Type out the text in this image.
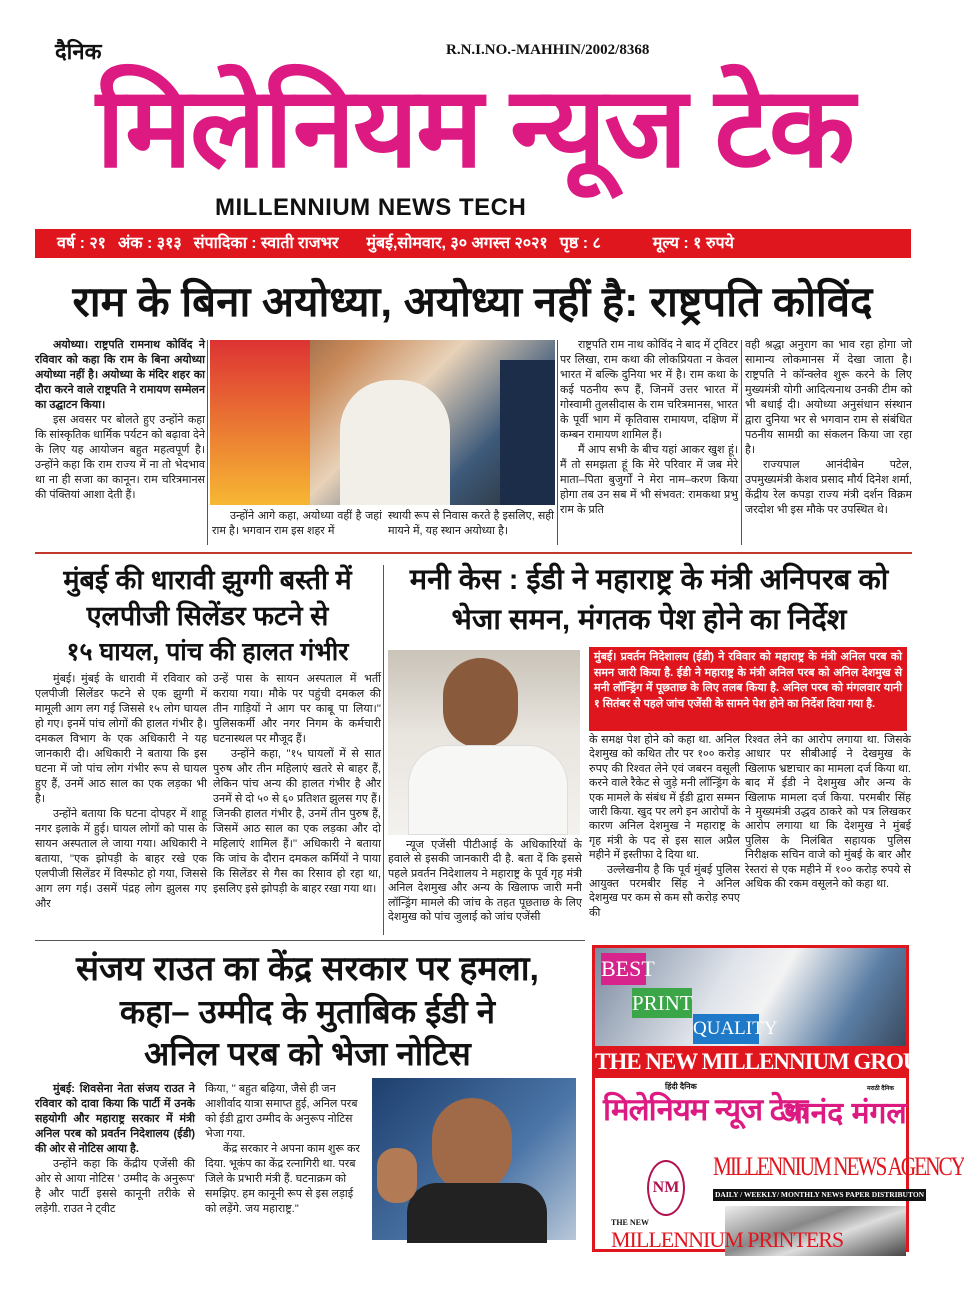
दैनिक	R.N.I.NO.-MAHHIN/2002/8368
मिलेनियम न्यूज टेक
MILLENNIUM NEWS TECH
वर्ष : २१ अंक : ३१३ संपादिका : स्वाती राजभर मुंबई,सोमवार, ३० अगस्त्त २०२१ पृष्ठ : ८	मूल्य : १ रुपये
राम के बिना अयोध्या, अयोध्या नहीं है: राष्ट्रपति कोविंद

अयोध्या। राष्ट्रपति रामनाथ कोविंद ने रविवार को कहा कि राम के बिना अयोध्या अयोध्या नहीं है। अयोध्या के मंदिर शहर का दौरा करने वाले राष्ट्रपति ने रामायण सम्मेलन का उद्घाटन किया।

इस अवसर पर बोलते हुए उन्होंने कहा कि सांस्कृतिक धार्मिक पर्यटन को बढ़ावा देने के लिए यह आयोजन बहुत महत्वपूर्ण है। उन्होंने कहा कि राम राज्य में ना तो भेदभाव था ना ही सजा का कानून। राम चरित्रमानस की पंक्तियां आशा देती हैं।

उन्होंने आगे कहा, अयोध्या वहीं है जहां राम है। भगवान राम इस शहर में

स्थायी रूप से निवास करते है इसलिए, सही मायने में, यह स्थान अयोध्या है।

राष्ट्रपति राम नाथ कोविंद ने बाद में ट्विटर पर लिखा, राम कथा की लोकप्रियता न केवल भारत में बल्कि दुनिया भर में है। राम कथा के कई पठनीय रूप हैं, जिनमें उत्तर भारत में गोस्वामी तुलसीदास के राम चरित्रमानस, भारत के पूर्वी भाग में कृतिवास रामायण, दक्षिण में कम्बन रामायण शामिल हैं।

मैं आप सभी के बीच यहां आकर खुश हूं। मैं तो समझता हूं कि मेरे परिवार में जब मेरे माता–पिता बुजुर्गों ने मेरा नाम–करण किया होगा तब उन सब में भी संभवत: रामकथा प्रभु राम के प्रति

वही श्रद्धा अनुराग का भाव रहा होगा जो सामान्य लोकमानस में देखा जाता है। राष्ट्रपति ने कॉन्क्लेव शुरू करने के लिए मुख्यमंत्री योगी आदित्यनाथ उनकी टीम को भी बधाई दी। अयोध्या अनुसंधान संस्थान द्वारा दुनिया भर से भगवान राम से संबंधित पठनीय सामग्री का संकलन किया जा रहा है।

राज्यपाल आनंदीबेन पटेल, उपमुख्यमंत्री केशव प्रसाद मौर्य दिनेश शर्मा, केंद्रीय रेल कपड़ा राज्य मंत्री दर्शन विक्रम जरदोश भी इस मौके पर उपस्थित थे।

मुंबई की धारावी झुग्गी बस्ती में
एलपीजी सिलेंडर फटने से
१५ घायल, पांच की हालत गंभीर

मुंबई। मुंबई के धारावी में रविवार को एलपीजी सिलेंडर फटने से एक झुग्गी में मामूली आग लग गई जिससे १५ लोग घायल हो गए। इनमें पांच लोगों की हालत गंभीर है। दमकल विभाग के एक अधिकारी ने यह जानकारी दी। अधिकारी ने बताया कि इस घटना में जो पांच लोग गंभीर रूप से घायल हुए हैं, उनमें आठ साल का एक लड़का भी है।

उन्होंने बताया कि घटना दोपहर में शाहू नगर इलाके में हुई। घायल लोगों को पास के सायन अस्पताल ले जाया गया। अधिकारी ने बताया, ''एक झोपड़ी के बाहर रखे एक एलपीजी सिलेंडर में विस्फोट हो गया, जिससे आग लग गई। उसमें पंद्रह लोग झुलस गए और

उन्हें पास के सायन अस्पताल में भर्ती कराया गया। मौके पर पहुंची दमकल की तीन गाड़ियों ने आग पर काबू पा लिया।'' पुलिसकर्मी और नगर निगम के कर्मचारी घटनास्थल पर मौजूद हैं।

उन्होंने कहा, ''१५ घायलों में से सात पुरुष और तीन महिलाएं खतरे से बाहर हैं, लेकिन पांच अन्य की हालत गंभीर है और उनमें से दो ५० से ६० प्रतिशत झुलस गए हैं। जिनकी हालत गंभीर है, उनमें तीन पुरुष हैं, जिसमें आठ साल का एक लड़का और दो महिलाएं शामिल हैं।'' अधिकारी ने बताया कि जांच के दौरान दमकल कर्मियों ने पाया कि सिलेंडर से गैस का रिसाव हो रहा था, इसलिए इसे झोपड़ी के बाहर रखा गया था।

मनी केस : ईडी ने महाराष्ट्र के मंत्री अनिपरब को
भेजा समन, मंगतक पेश होने का निर्देश
मुंबई। प्रवर्तन निदेशालय (ईडी) ने रविवार को महाराष्ट्र के मंत्री अनिल परब को समन जारी किया है. ईडी ने महाराष्ट्र के मंत्री अनिल परब को अनिल देशमुख से मनी लॉन्ड्रिंग में पूछताछ के लिए तलब किया है. अनिल परब को मंगलवार यानी १ सितंबर से पहले जांच एजेंसी के सामने पेश होने का निर्देश दिया गया है.

न्यूज एजेंसी पीटीआई के अधिकारियों के हवाले से इसकी जानकारी दी है. बता दें कि इससे पहले प्रवर्तन निदेशालय ने महाराष्ट्र के पूर्व गृह मंत्री अनिल देशमुख और अन्य के खिलाफ जारी मनी लॉन्ड्रिंग मामले की जांच के तहत पूछताछ के लिए देशमुख को पांच जुलाई को जांच एजेंसी

के समक्ष पेश होने को कहा था. अनिल देशमुख को कथित तौर पर १०० करोड़ रुपए की रिश्वत लेने एवं जबरन वसूली करने वाले रैकेट से जुड़े मनी लॉन्ड्रिंग के एक मामले के संबंध में ईडी द्वारा सम्मन जारी किया. खुद पर लगे इन आरोपों के कारण अनिल देशमुख ने महाराष्ट्र के गृह मंत्री के पद से इस साल अप्रैल महीने में इस्तीफा दे दिया था.

उल्लेखनीय है कि पूर्व मुंबई पुलिस आयुक्त परमबीर सिंह ने अनिल देशमुख पर कम से कम सौ करोड़ रुपए की

रिश्वत लेने का आरोप लगाया था. जिसके आधार पर सीबीआई ने देखमुख के खिलाफ भ्रष्टाचार का मामला दर्ज किया था. बाद में ईडी ने देशमुख और अन्य के खिलाफ मामला दर्ज किया. परमबीर सिंह ने मुख्यमंत्री उद्धव ठाकरे को पत्र लिखकर आरोप लगाया था कि देशमुख ने मुंबई पुलिस के निलंबित सहायक पुलिस निरीक्षक सचिन वाजे को मुंबई के बार और रेस्तरां से एक महीने में १०० करोड़ रुपये से अधिक की रकम वसूलने को कहा था.

संजय राउत का केंद्र सरकार पर हमला,
कहा– उम्मीद के मुताबिक ईडी ने
अनिल परब को भेजा नोटिस

मुंबई: शिवसेना नेता संजय राउत ने रविवार को दावा किया कि पार्टी में उनके सहयोगी और महाराष्ट्र सरकार में मंत्री अनिल परब को प्रवर्तन निदेशालय (ईडी) की ओर से नोटिस आया है.

उन्होंने कहा कि केंद्रीय एजेंसी की ओर से आया नोटिस ' उम्मीद के अनुरूप' है और पार्टी इससे कानूनी तरीके से लड़ेगी. राउत ने ट्वीट

किया, '' बहुत बढ़िया, जैसे ही जन आशीर्वाद यात्रा समाप्त हुई, अनिल परब को ईडी द्वारा उम्मीद के अनुरूप नोटिस भेजा गया.

केंद्र सरकार ने अपना काम शुरू कर दिया. भूकंप का केंद्र रत्नागिरी था. परब जिले के प्रभारी मंत्री हैं. घटनाक्रम को समझिए. हम कानूनी रूप से इस लड़ाई को लड़ेंगे. जय महाराष्ट्र.''

BEST
PRINT
QUALITY
THE NEW MILLENNIUM GROUP
हिंदी दैनिक
मिलेनियम न्यूज टेक
मराठी दैनिक
आनंद मंगल
NM
MILLENNIUM NEWS AGENCY
DAILY / WEEKLY/ MONTHLY NEWS PAPER DISTRIBUTON
THE NEW
MILLENNIUM PRINTERS
